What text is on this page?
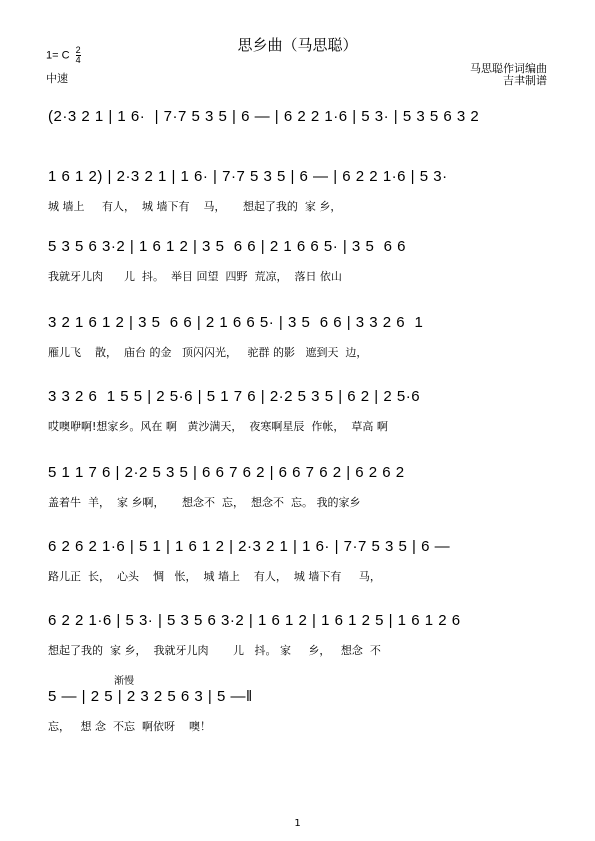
思乡曲（马思聪）
1= C $\frac{2}{4}$
中速
马思聪作词编曲
吉聿制谱
(2·3 2 1 | 1 6·  | 7·7 5 3 5 | 6 — | 6 2 2 1·6 | 5 3· | 5 3 5 6 3 2
1 6 1 2) | 2·3 2 1 | 1 6· | 7·7 5 3 5 | 6 — | 6 2 2 1·6 | 5 3·
城 墙上     有人，  城 墙下有    马，     想起了我的  家 乡，
5 3 5 6 3·2 | 1 6 1 2 | 3 5  6 6 | 2 1 6 6 5· | 3 5  6 6
我就牙儿肉      儿  抖。  举目 回望  四野  荒凉，  落日 依山
3 2 1 6 1 2 | 3 5  6 6 | 2 1 6 6 5· | 3 5  6 6 | 3 3 2 6  1
雁儿飞    散，  庙台 的金   顶闪闪光，   驼群 的影   遮到天  边，
3 3 2 6  1 5 5 | 2 5·6 | 5 1 7 6 | 2·2 5 3 5 | 6 2 | 2 5·6
哎噢咿啊!想家乡。风在 啊   黄沙满天，  夜寒啊星辰  作帐，  草高 啊
5 1 1 7 6 | 2·2 5 3 5 | 6 6 7 6 2 | 6 6 7 6 2 | 6 2 6 2
盖着牛  羊，  家 乡啊，     想念不  忘，  想念不  忘。 我的家乡
6 2 6 2 1·6 | 5 1 | 1 6 1 2 | 2·3 2 1 | 1 6· | 7·7 5 3 5 | 6 —
路儿正  长，  心头    惆   怅，  城 墙上    有人，  城 墙下有     马，
6 2 2 1·6 | 5 3· | 5 3 5 6 3·2 | 1 6 1 2 | 1 6 1 2 5 | 1 6 1 2 6
想起了我的  家 乡，  我就牙儿肉       儿   抖。 家     乡，   想念  不
渐慢
5 — | 2 5 | 2 3 2 5 6 3 | 5 —‖
忘，   想 念  不忘  啊依呀    噢！
1
